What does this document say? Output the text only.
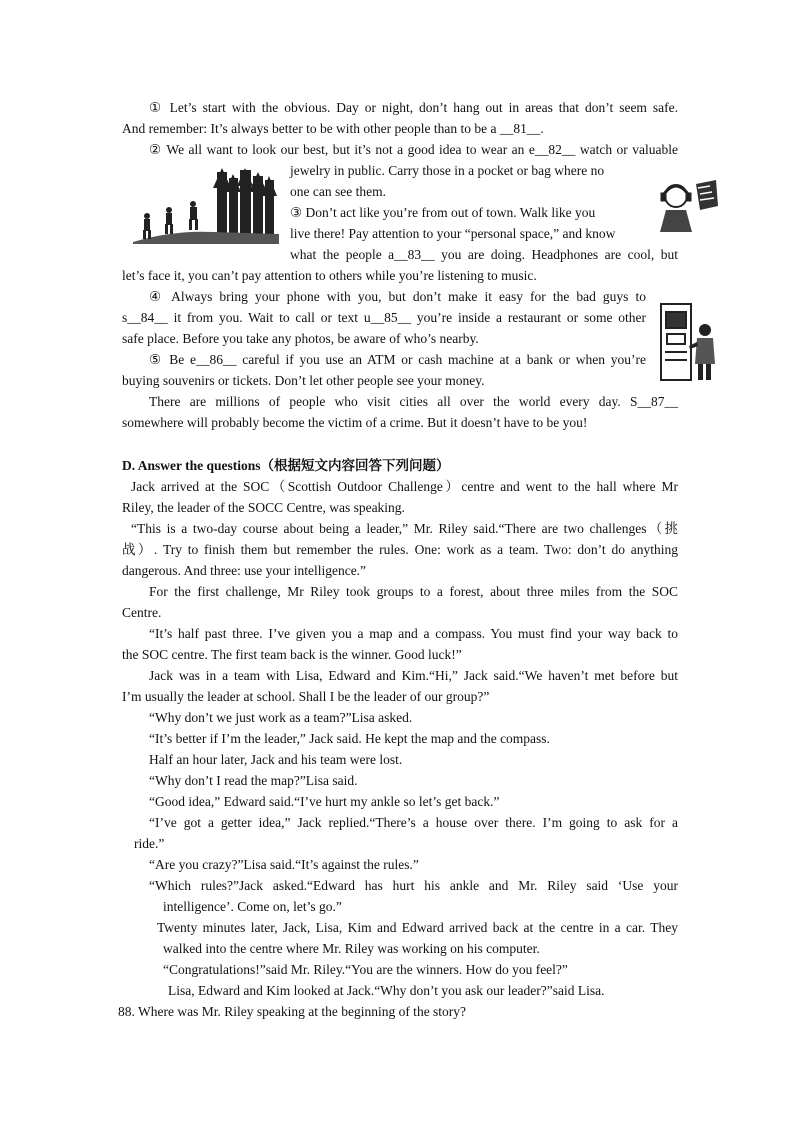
① Let’s start with the obvious. Day or night, don’t hang out in areas that don’t seem safe.
And remember: It’s always better to be with other people than to be a __81__.
② We all want to look our best, but it’s not a good idea to wear an e__82__ watch or valuable
jewelry in public. Carry those in a pocket or bag where no
one can see them.
③ Don’t act like you’re from out of town. Walk like you
live there! Pay attention to your “personal space,” and know
what the people a__83__ you are doing. Headphones are cool, but
let’s face it, you can’t pay attention to others while you’re listening to music.
④ Always bring your phone with you, but don’t make it easy for the bad guys to
s__84__ it from you. Wait to call or text u__85__ you’re inside a restaurant or some other
safe place. Before you take any photos, be aware of who’s nearby.
⑤ Be e__86__ careful if you use an ATM or cash machine at a bank or when you’re
buying souvenirs or tickets. Don’t let other people see your money.
There are millions of people who visit cities all over the world every day. S__87__
somewhere will probably become the victim of a crime. But it doesn’t have to be you!
D. Answer the questions（根据短文内容回答下列问题）
Jack arrived at the SOC（Scottish Outdoor Challenge）centre and went to the hall where Mr
Riley, the leader of the SOCC Centre, was speaking.
“This is a two-day course about being a leader,” Mr. Riley said.“There are two challenges（挑
战）. Try to finish them but remember the rules. One: work as a team. Two: don’t do anything
dangerous. And three: use your intelligence.”
For the first challenge, Mr Riley took groups to a forest, about three miles from the SOC
Centre.
“It’s half past three. I’ve given you a map and a compass. You must find your way back to
the SOC centre. The first team back is the winner. Good luck!”
Jack was in a team with Lisa, Edward and Kim.“Hi,” Jack said.“We haven’t met before but
I’m usually the leader at school. Shall I be the leader of our group?”
“Why don’t we just work as a team?”Lisa asked.
“It’s better if I’m the leader,” Jack said. He kept the map and the compass.
Half an hour later, Jack and his team were lost.
“Why don’t I read the map?”Lisa said.
“Good idea,” Edward said.“I’ve hurt my ankle so let’s get back.”
“I’ve got a getter idea,” Jack replied.“There’s a house over there. I’m going to ask for a
ride.”
“Are you crazy?”Lisa said.“It’s against the rules.”
“Which rules?”Jack asked.“Edward has hurt his ankle and Mr. Riley said ‘Use your
intelligence’. Come on, let’s go.”
Twenty minutes later, Jack, Lisa, Kim and Edward arrived back at the centre in a car. They
walked into the centre where Mr. Riley was working on his computer.
“Congratulations!”said Mr. Riley.“You are the winners. How do you feel?”
Lisa, Edward and Kim looked at Jack.“Why don’t you ask our leader?”said Lisa.
88. Where was Mr. Riley speaking at the beginning of the story?
